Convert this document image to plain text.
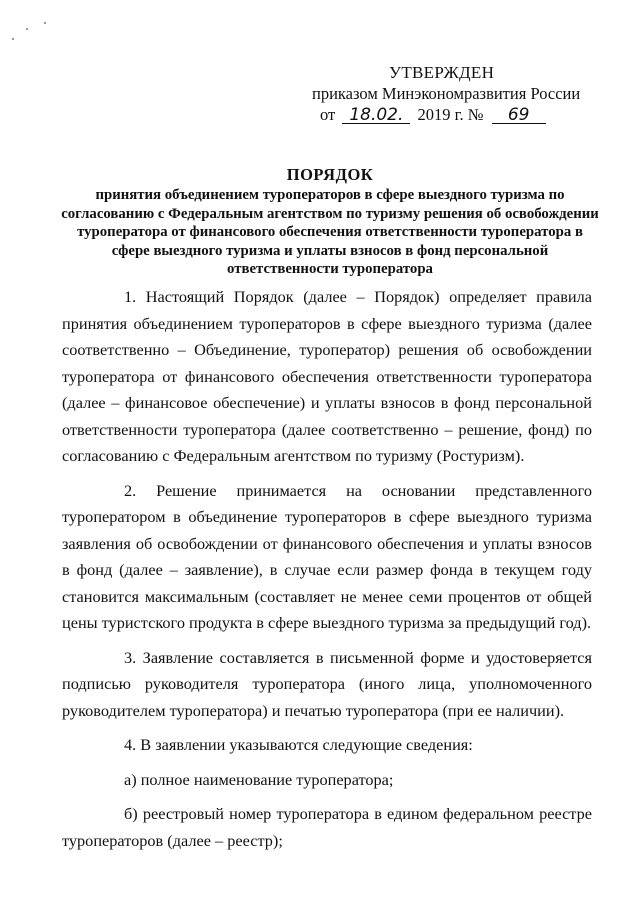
УТВЕРЖДЕН
приказом Минэкономразвития России
от 18.02. 2019 г. № 69
ПОРЯДОК
принятия объединением туроператоров в сфере выездного туризма по согласованию с Федеральным агентством по туризму решения об освобождении туроператора от финансового обеспечения ответственности туроператора в сфере выездного туризма и уплаты взносов в фонд персональной ответственности туроператора

1. Настоящий Порядок (далее – Порядок) определяет правила принятия объединением туроператоров в сфере выездного туризма (далее соответственно – Объединение, туроператор) решения об освобождении туроператора от финансового обеспечения ответственности туроператора (далее – финансовое обеспечение) и уплаты взносов в фонд персональной ответственности туроператора (далее соответственно – решение, фонд) по согласованию с Федеральным агентством по туризму (Ростуризм).

2. Решение принимается на основании представленного туроператором в объединение туроператоров в сфере выездного туризма заявления об освобождении от финансового обеспечения и уплаты взносов в фонд (далее – заявление), в случае если размер фонда в текущем году становится максимальным (составляет не менее семи процентов от общей цены туристского продукта в сфере выездного туризма за предыдущий год).

3. Заявление составляется в письменной форме и удостоверяется подписью руководителя туроператора (иного лица, уполномоченного руководителем туроператора) и печатью туроператора (при ее наличии).

4. В заявлении указываются следующие сведения:

а) полное наименование туроператора;

б) реестровый номер туроператора в едином федеральном реестре туроператоров (далее – реестр);
